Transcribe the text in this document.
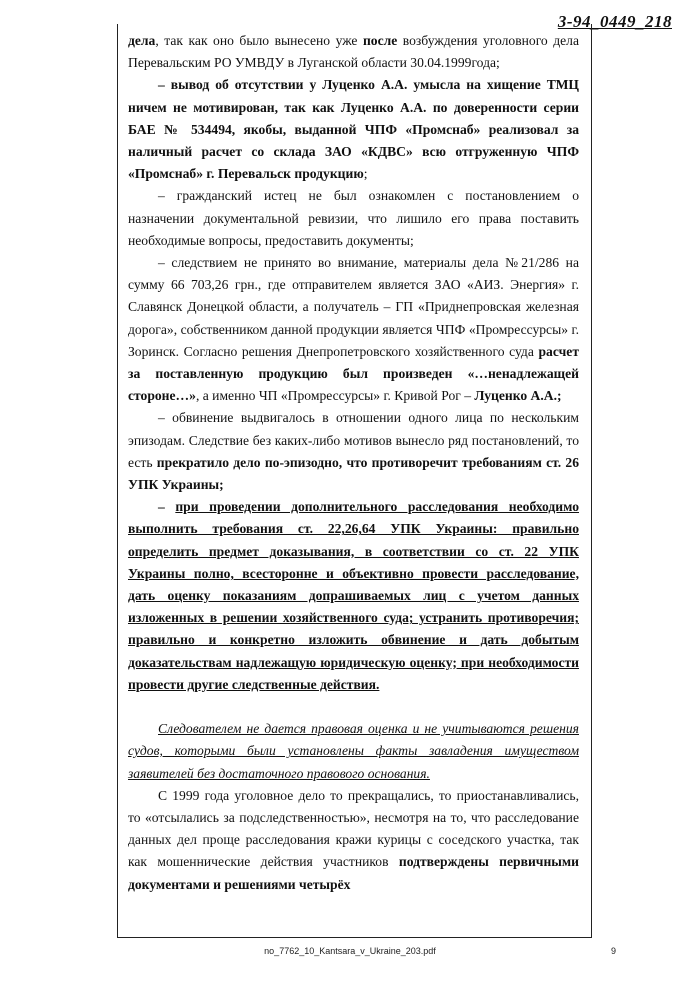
3-94_0449_218

дела, так как оно было вынесено уже после возбуждения уголовного дела Перевальским РО УМВДУ в Луганской области 30.04.1999года;

– вывод об отсутствии у Луценко А.А. умысла на хищение ТМЦ ничем не мотивирован, так как Луценко А.А. по доверенности серии БАЕ № 534494, якобы, выданной ЧПФ «Промснаб» реализовал за наличный расчет со склада ЗАО «КДВС» всю отгруженную ЧПФ «Промснаб» г. Перевальск продукцию;

– гражданский истец не был ознакомлен с постановлением о назначении документальной ревизии, что лишило его права поставить необходимые вопросы, предоставить документы;

– следствием не принято во внимание, материалы дела №21/286 на сумму 66 703,26 грн., где отправителем является ЗАО «АИЗ. Энергия» г. Славянск Донецкой области, а получатель – ГП «Приднепровская железная дорога», собственником данной продукции является ЧПФ «Промрессурсы» г. Зоринск. Согласно решения Днепропетровского хозяйственного суда расчет за поставленную продукцию был произведен «…ненадлежащей стороне…», а именно ЧП «Промрессурсы» г. Кривой Рог – Луценко А.А.;

– обвинение выдвигалось в отношении одного лица по нескольким эпизодам. Следствие без каких-либо мотивов вынесло ряд постановлений, то есть прекратило дело по-эпизодно, что противоречит требованиям ст. 26 УПК Украины;

– при проведении дополнительного расследования необходимо выполнить требования ст. 22,26,64 УПК Украины: правильно определить предмет доказывания, в соответствии со ст. 22 УПК Украины полно, всесторонне и объективно провести расследование, дать оценку показаниям допрашиваемых лиц с учетом данных изложенных в решении хозяйственного суда; устранить противоречия; правильно и конкретно изложить обвинение и дать добытым доказательствам надлежащую юридическую оценку; при необходимости провести другие следственные действия.

Следователем не дается правовая оценка и не учитываются решения судов, которыми были установлены факты завладения имуществом заявителей без достаточного правового основания.

С 1999 года уголовное дело то прекращались, то приостанавливались, то «отсылались за подследственностью», несмотря на то, что расследование данных дел проще расследования кражи курицы с соседского участка, так как мошеннические действия участников подтверждены первичными документами и решениями четырёх

no_7762_10_Kantsara_v_Ukraine_203.pdf	9
